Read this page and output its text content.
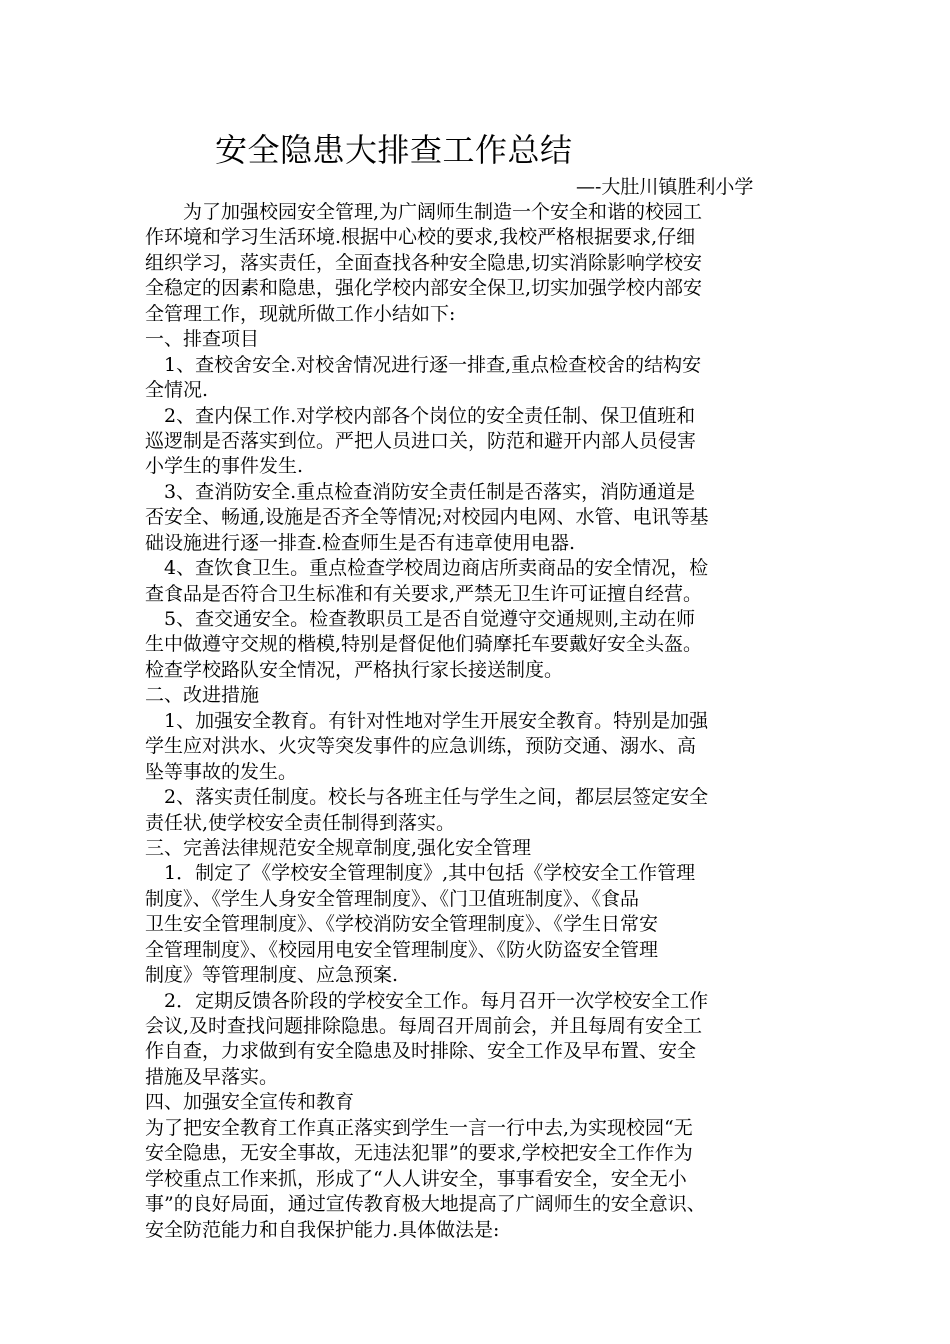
安全隐患大排查工作总结
—-大肚川镇胜利小学
　　为了加强校园安全管理,为广阔师生制造一个安全和谐的校园工
作环境和学习生活环境.根据中心校的要求,我校严格根据要求,仔细
组织学习，落实责任，全面查找各种安全隐患,切实消除影响学校安
全稳定的因素和隐患，强化学校内部安全保卫,切实加强学校内部安
全管理工作，现就所做工作小结如下:
一、排查项目
　1、查校舍安全.对校舍情况进行逐一排查,重点检查校舍的结构安
全情况.
　2、查内保工作.对学校内部各个岗位的安全责任制、保卫值班和
巡逻制是否落实到位。严把人员进口关，防范和避开内部人员侵害
小学生的事件发生.
　3、查消防安全.重点检查消防安全责任制是否落实，消防通道是
否安全、畅通,设施是否齐全等情况;对校园内电网、水管、电讯等基
础设施进行逐一排查.检查师生是否有违章使用电器.
　4、查饮食卫生。重点检查学校周边商店所卖商品的安全情况，检
查食品是否符合卫生标准和有关要求,严禁无卫生许可证擅自经营。
　5、查交通安全。检查教职员工是否自觉遵守交通规则,主动在师
生中做遵守交规的楷模,特别是督促他们骑摩托车要戴好安全头盔。
检查学校路队安全情况，严格执行家长接送制度。
二、改进措施
　1、加强安全教育。有针对性地对学生开展安全教育。特别是加强
学生应对洪水、火灾等突发事件的应急训练，预防交通、溺水、高
坠等事故的发生。
　2、落实责任制度。校长与各班主任与学生之间，都层层签定安全
责任状,使学校安全责任制得到落实。
三、完善法律规范安全规章制度,强化安全管理
　1．制定了《学校安全管理制度》,其中包括《学校安全工作管理
制度》、《学生人身安全管理制度》、《门卫值班制度》、《食品
卫生安全管理制度》、《学校消防安全管理制度》、《学生日常安
全管理制度》、《校园用电安全管理制度》、《防火防盗安全管理
制度》等管理制度、应急预案.
　2．定期反馈各阶段的学校安全工作。每月召开一次学校安全工作
会议,及时查找问题排除隐患。每周召开周前会，并且每周有安全工
作自查，力求做到有安全隐患及时排除、安全工作及早布置、安全
措施及早落实。
四、加强安全宣传和教育
为了把安全教育工作真正落实到学生一言一行中去,为实现校园“无
安全隐患，无安全事故，无违法犯罪”的要求,学校把安全工作作为
学校重点工作来抓，形成了“人人讲安全，事事看安全，安全无小
事”的良好局面，通过宣传教育极大地提高了广阔师生的安全意识、
安全防范能力和自我保护能力.具体做法是:
